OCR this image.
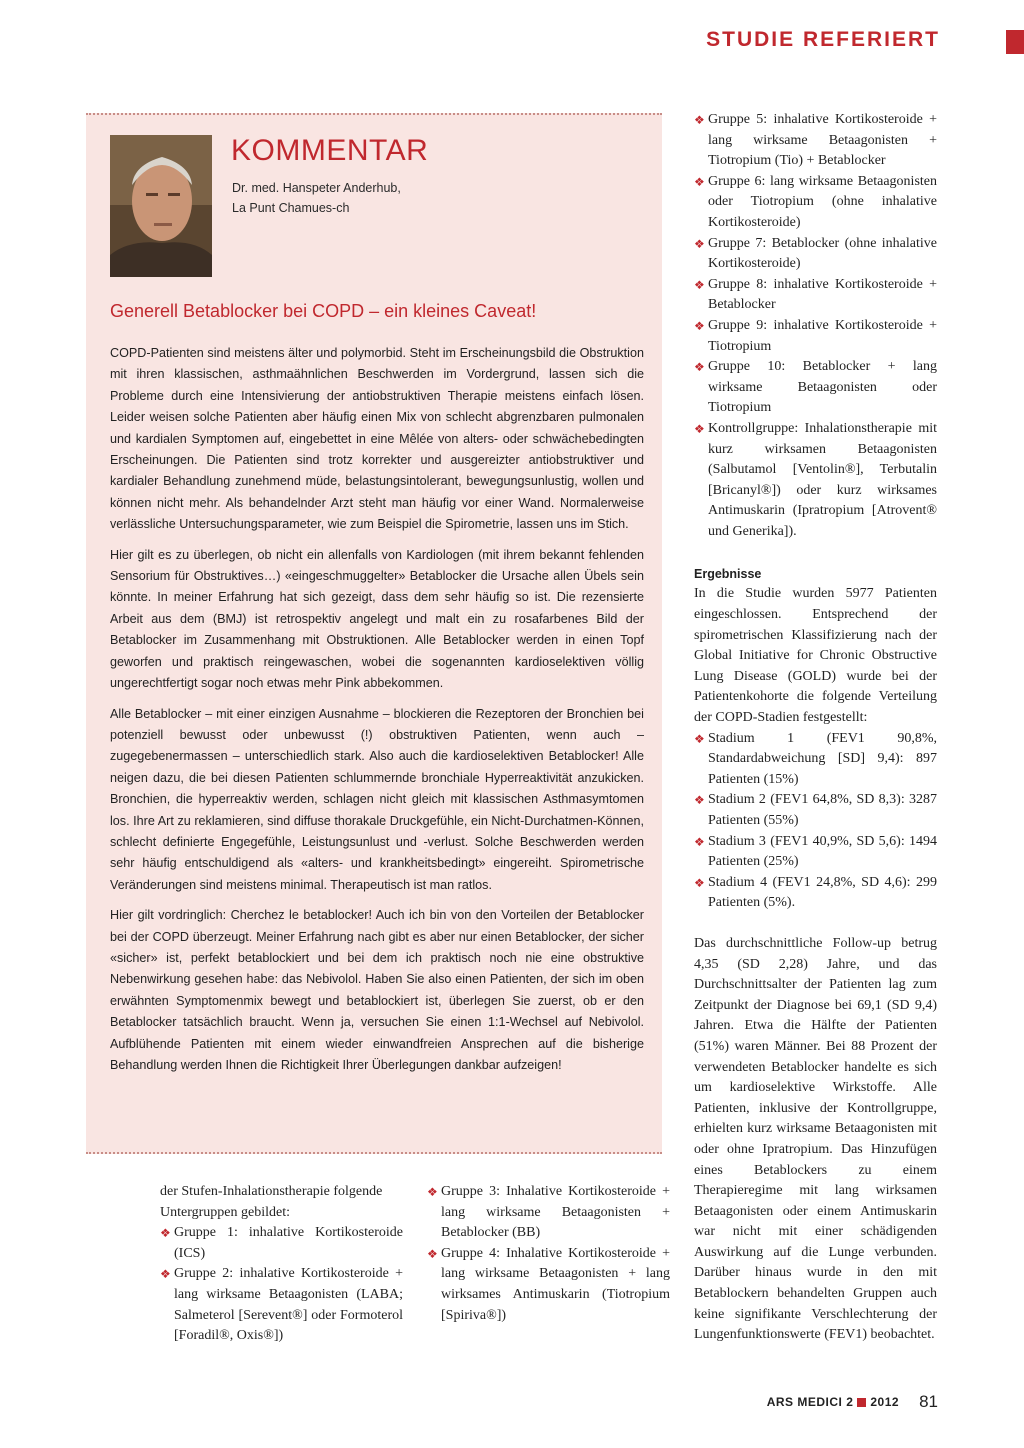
STUDIE REFERIERT
KOMMENTAR
Dr. med. Hanspeter Anderhub,
La Punt Chamues-ch
Generell Betablocker bei COPD – ein kleines Caveat!

COPD-Patienten sind meistens älter und polymorbid. Steht im Erscheinungsbild die Obstruktion mit ihren klassischen, asthmaähnlichen Beschwerden im Vordergrund, lassen sich die Probleme durch eine Intensivierung der antiobstruktiven Therapie meistens einfach lösen. Leider weisen solche Patienten aber häufig einen Mix von schlecht abgrenzbaren pulmonalen und kardialen Symptomen auf, eingebettet in eine Mêlée von alters- oder schwächebedingten Erscheinungen. Die Patienten sind trotz korrekter und ausgereizter antiobstruktiver und kardialer Behandlung zunehmend müde, belastungsintolerant, bewegungsunlustig, wollen und können nicht mehr. Als behandelnder Arzt steht man häufig vor einer Wand. Normalerweise verlässliche Untersuchungsparameter, wie zum Beispiel die Spirometrie, lassen uns im Stich.

Hier gilt es zu überlegen, ob nicht ein allenfalls von Kardiologen (mit ihrem bekannt fehlenden Sensorium für Obstruktives…) «eingeschmuggelter» Betablocker die Ursache allen Übels sein könnte. In meiner Erfahrung hat sich gezeigt, dass dem sehr häufig so ist. Die rezensierte Arbeit aus dem (BMJ) ist retrospektiv angelegt und malt ein zu rosafarbenes Bild der Betablocker im Zusammenhang mit Obstruktionen. Alle Betablocker werden in einen Topf geworfen und praktisch reingewaschen, wobei die sogenannten kardioselektiven völlig ungerechtfertigt sogar noch etwas mehr Pink abbekommen.

Alle Betablocker – mit einer einzigen Ausnahme – blockieren die Rezeptoren der Bronchien bei potenziell bewusst oder unbewusst (!) obstruktiven Patienten, wenn auch – zugegebenermassen – unterschiedlich stark. Also auch die kardioselektiven Betablocker! Alle neigen dazu, die bei diesen Patienten schlummernde bronchiale Hyperreaktivität anzukicken. Bronchien, die hyperreaktiv werden, schlagen nicht gleich mit klassischen Asthmasymtomen los. Ihre Art zu reklamieren, sind diffuse thorakale Druckgefühle, ein Nicht-Durchatmen-Können, schlecht definierte Engegefühle, Leistungsunlust und -verlust. Solche Beschwerden werden sehr häufig entschuldigend als «alters- und krankheitsbedingt» eingereiht. Spirometrische Veränderungen sind meistens minimal. Therapeutisch ist man ratlos.

Hier gilt vordringlich: Cherchez le betablocker! Auch ich bin von den Vorteilen der Betablocker bei der COPD überzeugt. Meiner Erfahrung nach gibt es aber nur einen Betablocker, der sicher «sicher» ist, perfekt betablockiert und bei dem ich praktisch noch nie eine obstruktive Nebenwirkung gesehen habe: das Nebivolol. Haben Sie also einen Patienten, der sich im oben erwähnten Symptomenmix bewegt und betablockiert ist, überlegen Sie zuerst, ob er den Betablocker tatsächlich braucht. Wenn ja, versuchen Sie einen 1:1-Wechsel auf Nebivolol. Aufblühende Patienten mit einem wieder einwandfreien Ansprechen auf die bisherige Behandlung werden Ihnen die Richtigkeit Ihrer Überlegungen dankbar aufzeigen!

der Stufen-Inhalationstherapie folgende Untergruppen gebildet:

❖ Gruppe 1: inhalative Kortikosteroide (ICS)
❖ Gruppe 2: inhalative Kortikosteroide + lang wirksame Betaagonisten (LABA; Salmeterol [Serevent®] oder Formoterol [Foradil®, Oxis®])
❖ Gruppe 3: Inhalative Kortikosteroide + lang wirksame Betaagonisten + Betablocker (BB)
❖ Gruppe 4: Inhalative Kortikosteroide + lang wirksame Betaagonisten + lang wirksames Antimuskarin (Tiotropium [Spiriva®])
❖ Gruppe 5: inhalative Kortikosteroide + lang wirksame Betaagonisten + Tiotropium (Tio) + Betablocker
❖ Gruppe 6: lang wirksame Betaagonisten oder Tiotropium (ohne inhalative Kortikosteroide)
❖ Gruppe 7: Betablocker (ohne inhalative Kortikosteroide)
❖ Gruppe 8: inhalative Kortikosteroide + Betablocker
❖ Gruppe 9: inhalative Kortikosteroide + Tiotropium
❖ Gruppe 10: Betablocker + lang wirksame Betaagonisten oder Tiotropium
❖ Kontrollgruppe: Inhalationstherapie mit kurz wirksamen Betaagonisten (Salbutamol [Ventolin®], Terbutalin [Bricanyl®]) oder kurz wirksames Antimuskarin (Ipratropium [Atrovent® und Generika]).

Ergebnisse

In die Studie wurden 5977 Patienten eingeschlossen. Entsprechend der spirometrischen Klassifizierung nach der Global Initiative for Chronic Obstructive Lung Disease (GOLD) wurde bei der Patientenkohorte die folgende Verteilung der COPD-Stadien festgestellt:

❖ Stadium 1 (FEV1 90,8%, Standardabweichung [SD] 9,4): 897 Patienten (15%)
❖ Stadium 2 (FEV1 64,8%, SD 8,3): 3287 Patienten (55%)
❖ Stadium 3 (FEV1 40,9%, SD 5,6): 1494 Patienten (25%)
❖ Stadium 4 (FEV1 24,8%, SD 4,6): 299 Patienten (5%).

Das durchschnittliche Follow-up betrug 4,35 (SD 2,28) Jahre, und das Durchschnittsalter der Patienten lag zum Zeitpunkt der Diagnose bei 69,1 (SD 9,4) Jahren. Etwa die Hälfte der Patienten (51%) waren Männer. Bei 88 Prozent der verwendeten Betablocker handelte es sich um kardioselektive Wirkstoffe. Alle Patienten, inklusive der Kontrollgruppe, erhielten kurz wirksame Betaagonisten mit oder ohne Ipratropium. Das Hinzufügen eines Betablockers zu einem Therapieregime mit lang wirksamen Betaagonisten oder einem Antimuskarin war nicht mit einer schädigenden Auswirkung auf die Lunge verbunden. Darüber hinaus wurde in den mit Betablockern behandelten Gruppen auch keine signifikante Verschlechterung der Lungenfunktionswerte (FEV1) beobachtet.

ARS MEDICI 2 2012 81
